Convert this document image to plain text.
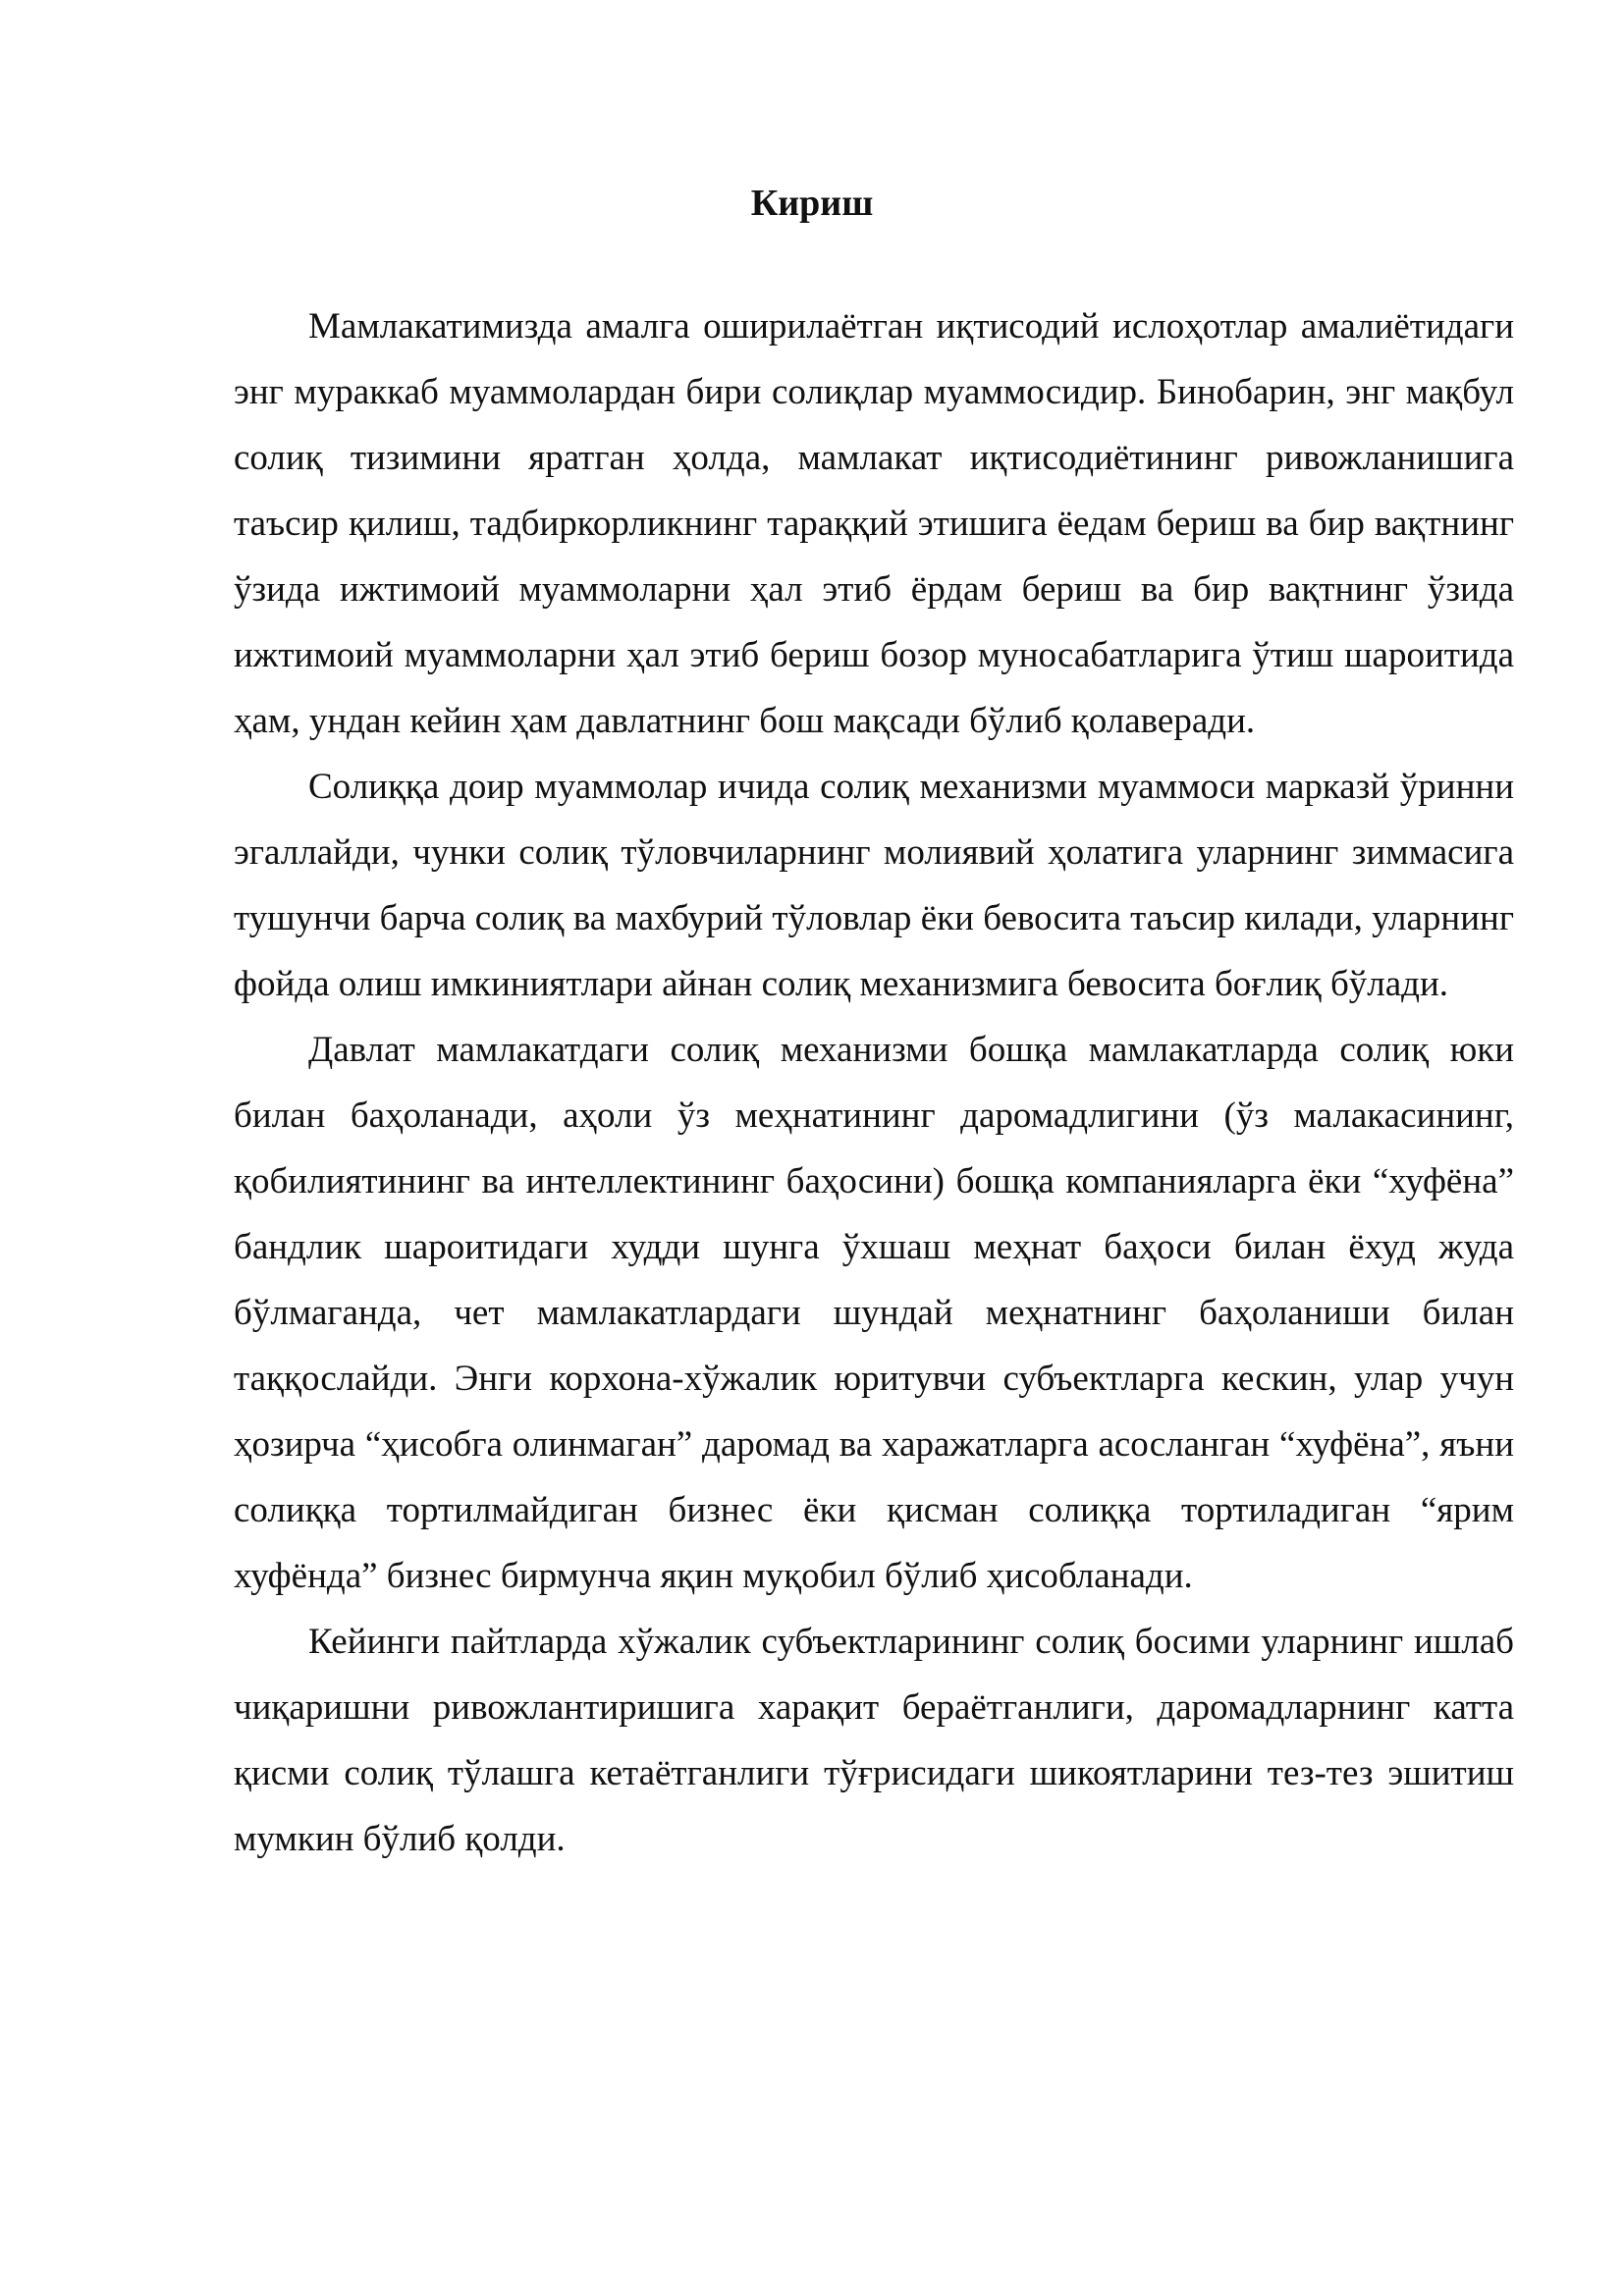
Кириш

Мамлакатимизда амалга оширилаётган иқтисодий ислоҳотлар амалиётидаги энг мураккаб муаммолардан бири солиқлар муаммосидир. Бинобарин, энг мақбул солиқ тизимини яратган ҳолда, мамлакат иқтисодиётининг ривожланишига таъсир қилиш, тадбиркорликнинг тараққий этишига ёедам бериш ва бир вақтнинг ўзида ижтимоий муаммоларни ҳал этиб ёрдам бериш ва бир вақтнинг ўзида ижтимоий муаммоларни ҳал этиб бериш бозор муносабатларига ўтиш шароитида ҳам, ундан кейин ҳам давлатнинг бош мақсади бўлиб қолаверади.

Солиққа доир муаммолар ичида солиқ механизми муаммоси марказй ўринни эгаллайди, чунки солиқ тўловчиларнинг молиявий ҳолатига уларнинг зиммасига тушунчи барча солиқ ва махбурий тўловлар ёки бевосита таъсир килади, уларнинг фойда олиш имкиниятлари айнан солиқ механизмига бевосита боғлиқ бўлади.

Давлат мамлакатдаги солиқ механизми бошқа мамлакатларда солиқ юки билан баҳоланади, аҳоли ўз меҳнатининг даромадлигини (ўз малакасининг, қобилиятининг ва интеллектининг баҳосини) бошқа компанияларга ёки “хуфёна” бандлик шароитидаги худди шунга ўхшаш меҳнат баҳоси билан ёхуд жуда бўлмаганда, чет мамлакатлардаги шундай меҳнатнинг баҳоланиши билан таққослайди. Энги корхона-хўжалик юритувчи субъектларга кескин, улар учун ҳозирча “ҳисобга олинмаган” даромад ва харажатларга асосланган “хуфёна”, яъни солиққа тортилмайдиган бизнес ёки қисман солиққа тортиладиган “ярим хуфёнда” бизнес бирмунча яқин муқобил бўлиб ҳисобланади.

Кейинги пайтларда хўжалик субъектларининг солиқ босими уларнинг ишлаб чиқаришни ривожлантиришига харақит бераётганлиги, даромадларнинг катта қисми солиқ тўлашга кетаётганлиги тўғрисидаги шикоятларини тез-тез эшитиш мумкин бўлиб қолди.
